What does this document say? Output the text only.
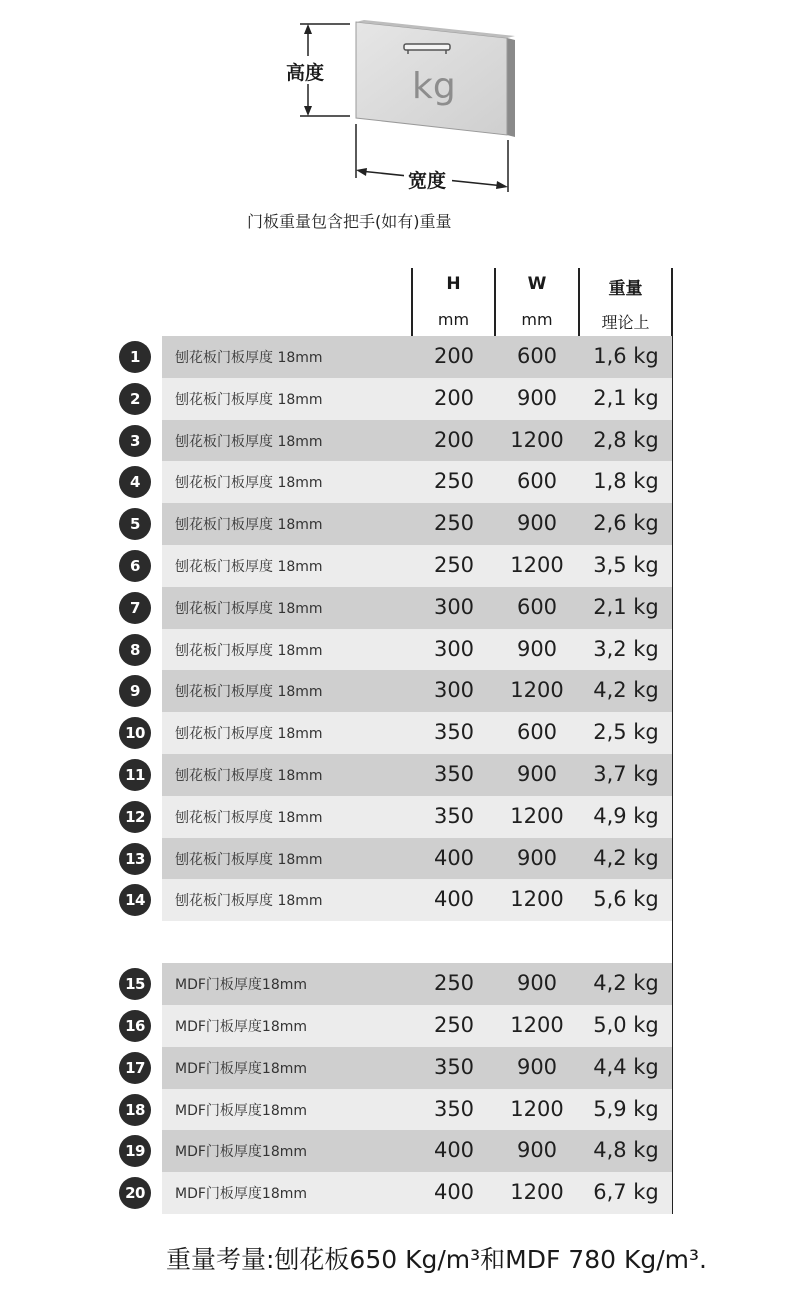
kg
高度
宽度
门板重量包含把手(如有)重量
H
mm
W
mm
重量
理论上
1	刨花板门板厚度 18mm	200	600	1,6 kg
2	刨花板门板厚度 18mm	200	900	2,1 kg
3	刨花板门板厚度 18mm	200	1200	2,8 kg
4	刨花板门板厚度 18mm	250	600	1,8 kg
5	刨花板门板厚度 18mm	250	900	2,6 kg
6	刨花板门板厚度 18mm	250	1200	3,5 kg
7	刨花板门板厚度 18mm	300	600	2,1 kg
8	刨花板门板厚度 18mm	300	900	3,2 kg
9	刨花板门板厚度 18mm	300	1200	4,2 kg
10	刨花板门板厚度 18mm	350	600	2,5 kg
11	刨花板门板厚度 18mm	350	900	3,7 kg
12	刨花板门板厚度 18mm	350	1200	4,9 kg
13	刨花板门板厚度 18mm	400	900	4,2 kg
14	刨花板门板厚度 18mm	400	1200	5,6 kg
15	MDF门板厚度18mm	250	900	4,2 kg
16	MDF门板厚度18mm	250	1200	5,0 kg
17	MDF门板厚度18mm	350	900	4,4 kg
18	MDF门板厚度18mm	350	1200	5,9 kg
19	MDF门板厚度18mm	400	900	4,8 kg
20	MDF门板厚度18mm	400	1200	6,7 kg
重量考量:刨花板650 Kg/m³和MDF 780 Kg/m³.
